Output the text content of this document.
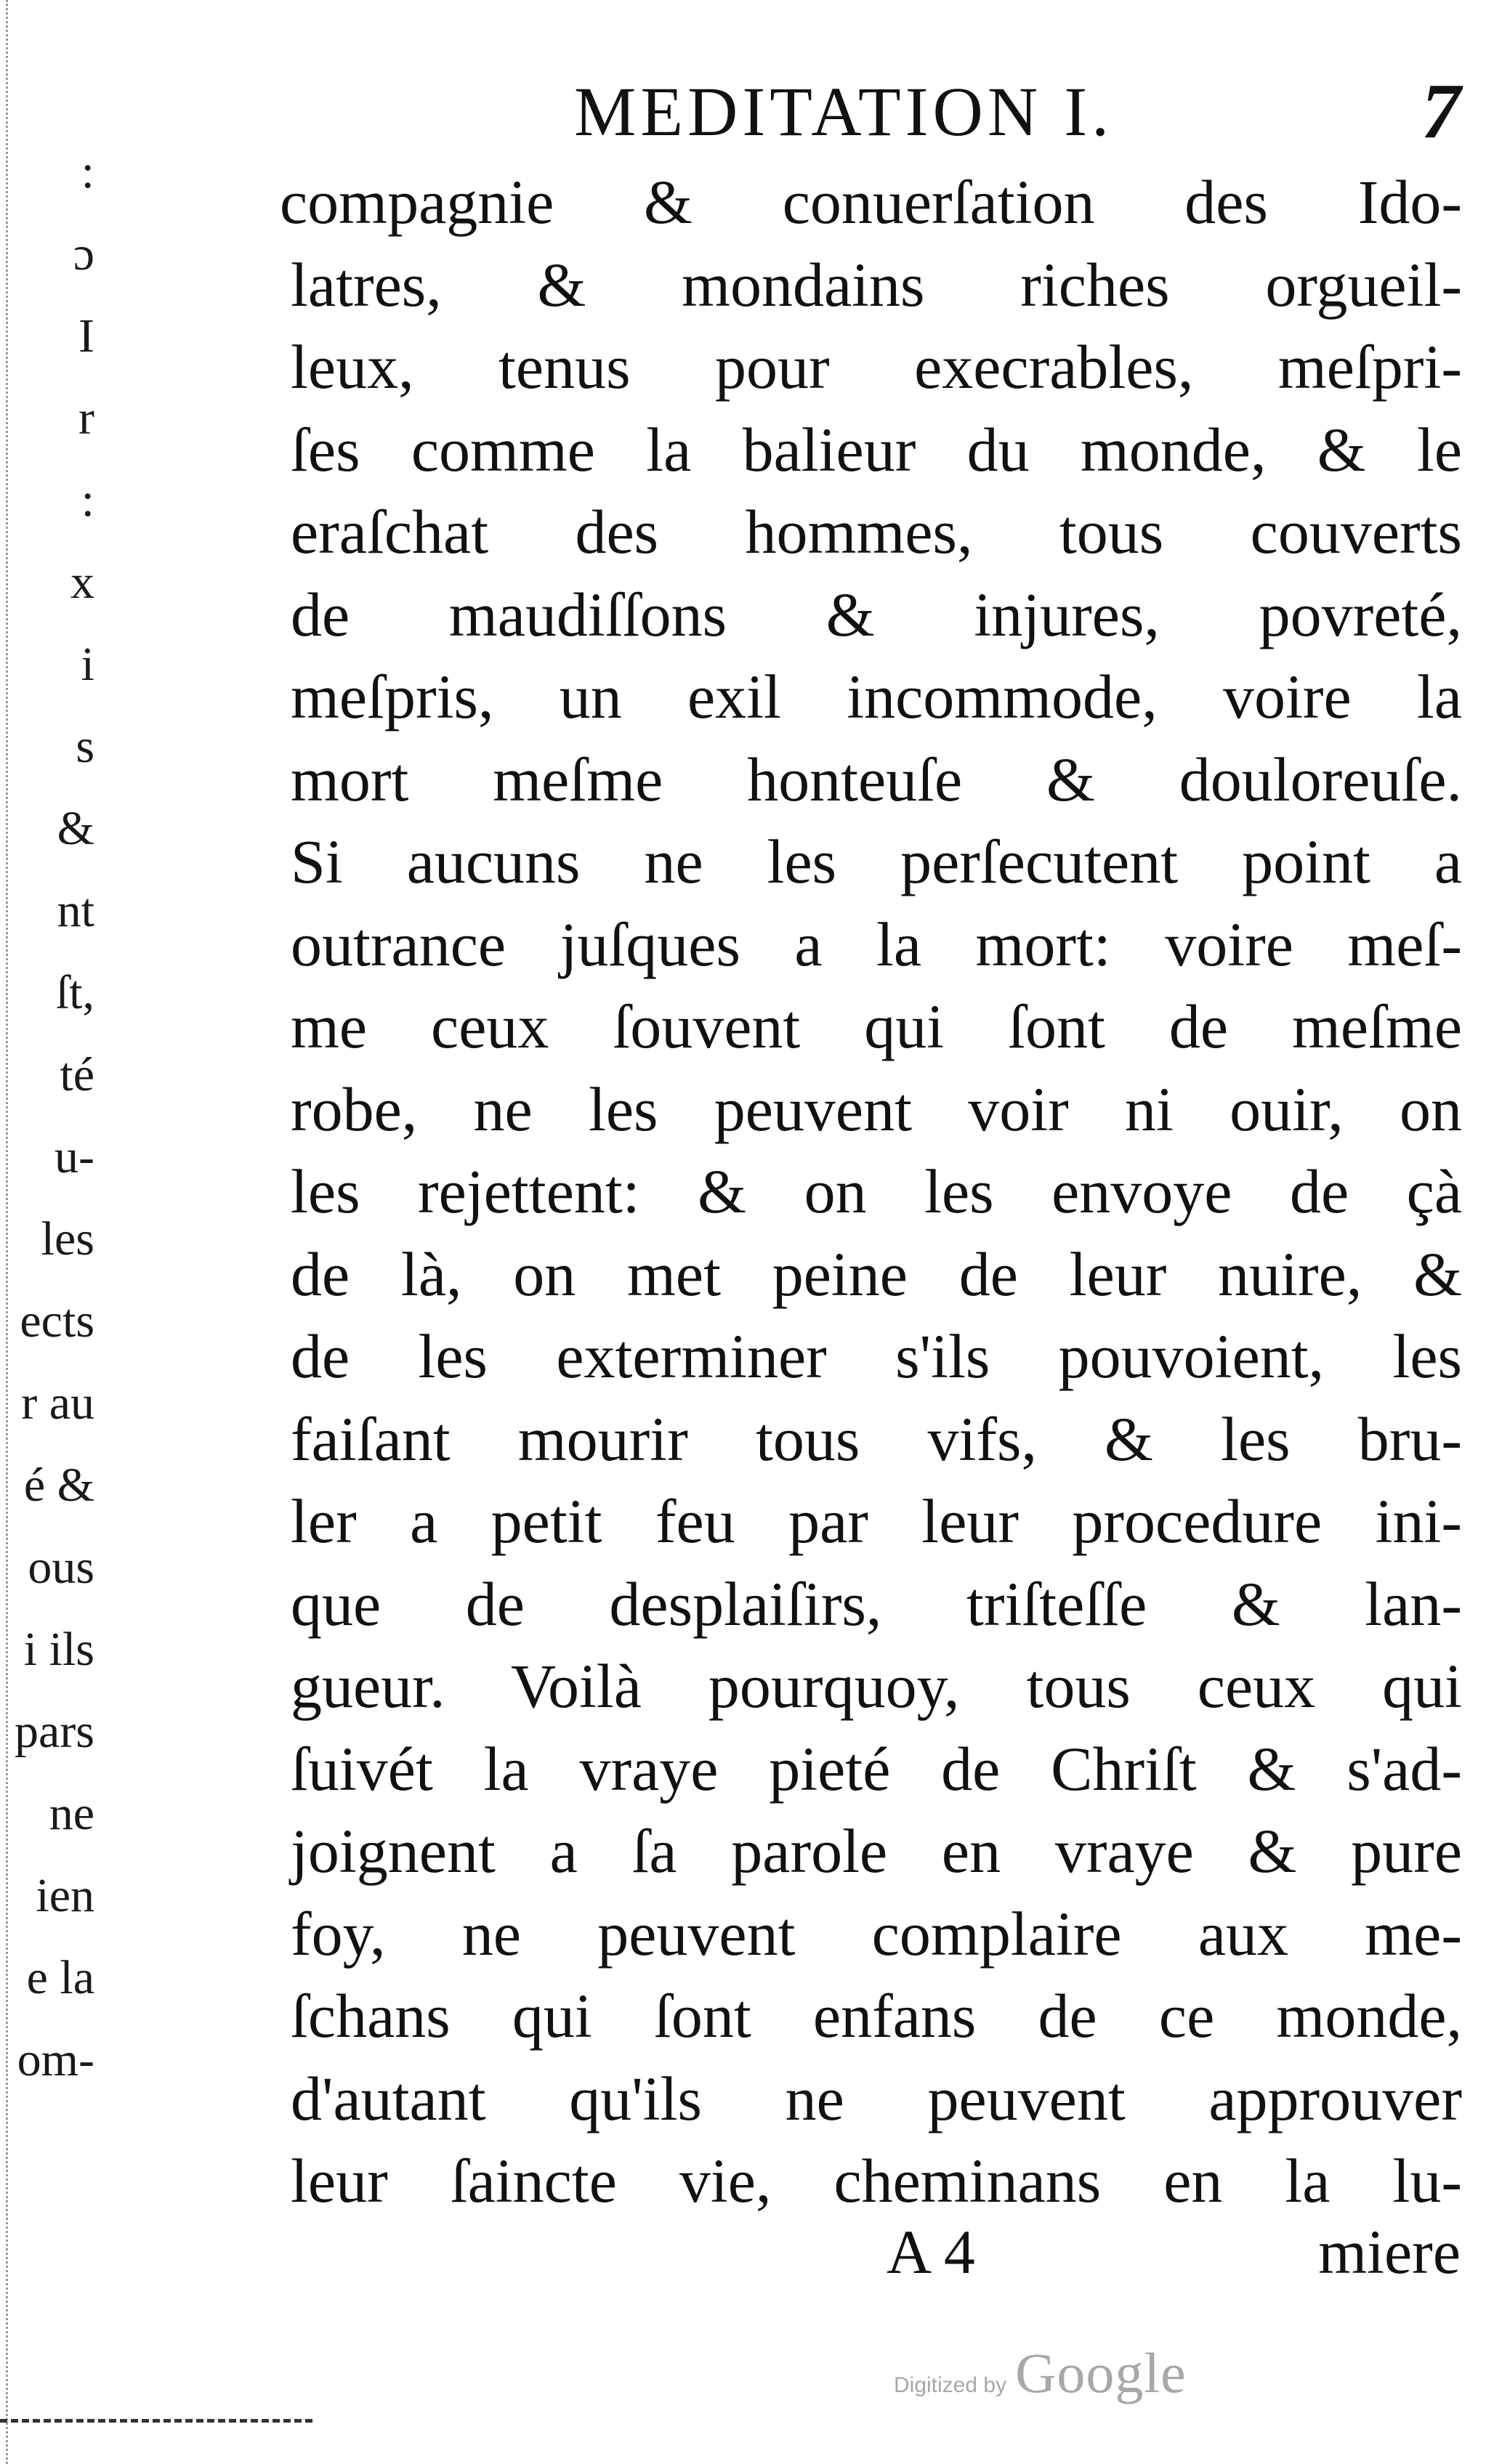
:
ɔ
I
r
:
x
i
s
&
nt
ſt,
té
u-
les
ects
r au
é &
ous
i ils
pars
ne
ien
e la
om-
MEDITATION I.	7
compagnie & conuerſation des Ido-
latres, & mondains riches orgueil-
leux, tenus pour execrables, meſpri-
ſes comme la balieur du monde, & le
eraſchat des hommes, tous couverts
de maudiſſons & injures, povreté,
meſpris, un exil incommode, voire la
mort meſme honteuſe & douloreuſe.
Si aucuns ne les perſecutent point a
outrance juſques a la mort: voire meſ-
me ceux ſouvent qui ſont de meſme
robe, ne les peuvent voir ni ouir, on
les rejettent: & on les envoye de çà
de là, on met peine de leur nuire, &
de les exterminer s'ils pouvoient, les
faiſant mourir tous vifs, & les bru-
ler a petit feu par leur procedure ini-
que de desplaiſirs, triſteſſe & lan-
gueur. Voilà pourquoy, tous ceux qui
ſuivét la vraye pieté de Chriſt & s'ad-
joignent a ſa parole en vraye & pure
foy, ne peuvent complaire aux me-
ſchans qui ſont enfans de ce monde,
d'autant qu'ils ne peuvent approuver
leur ſaincte vie, cheminans en la lu-
A 4	miere
Digitized by Google
